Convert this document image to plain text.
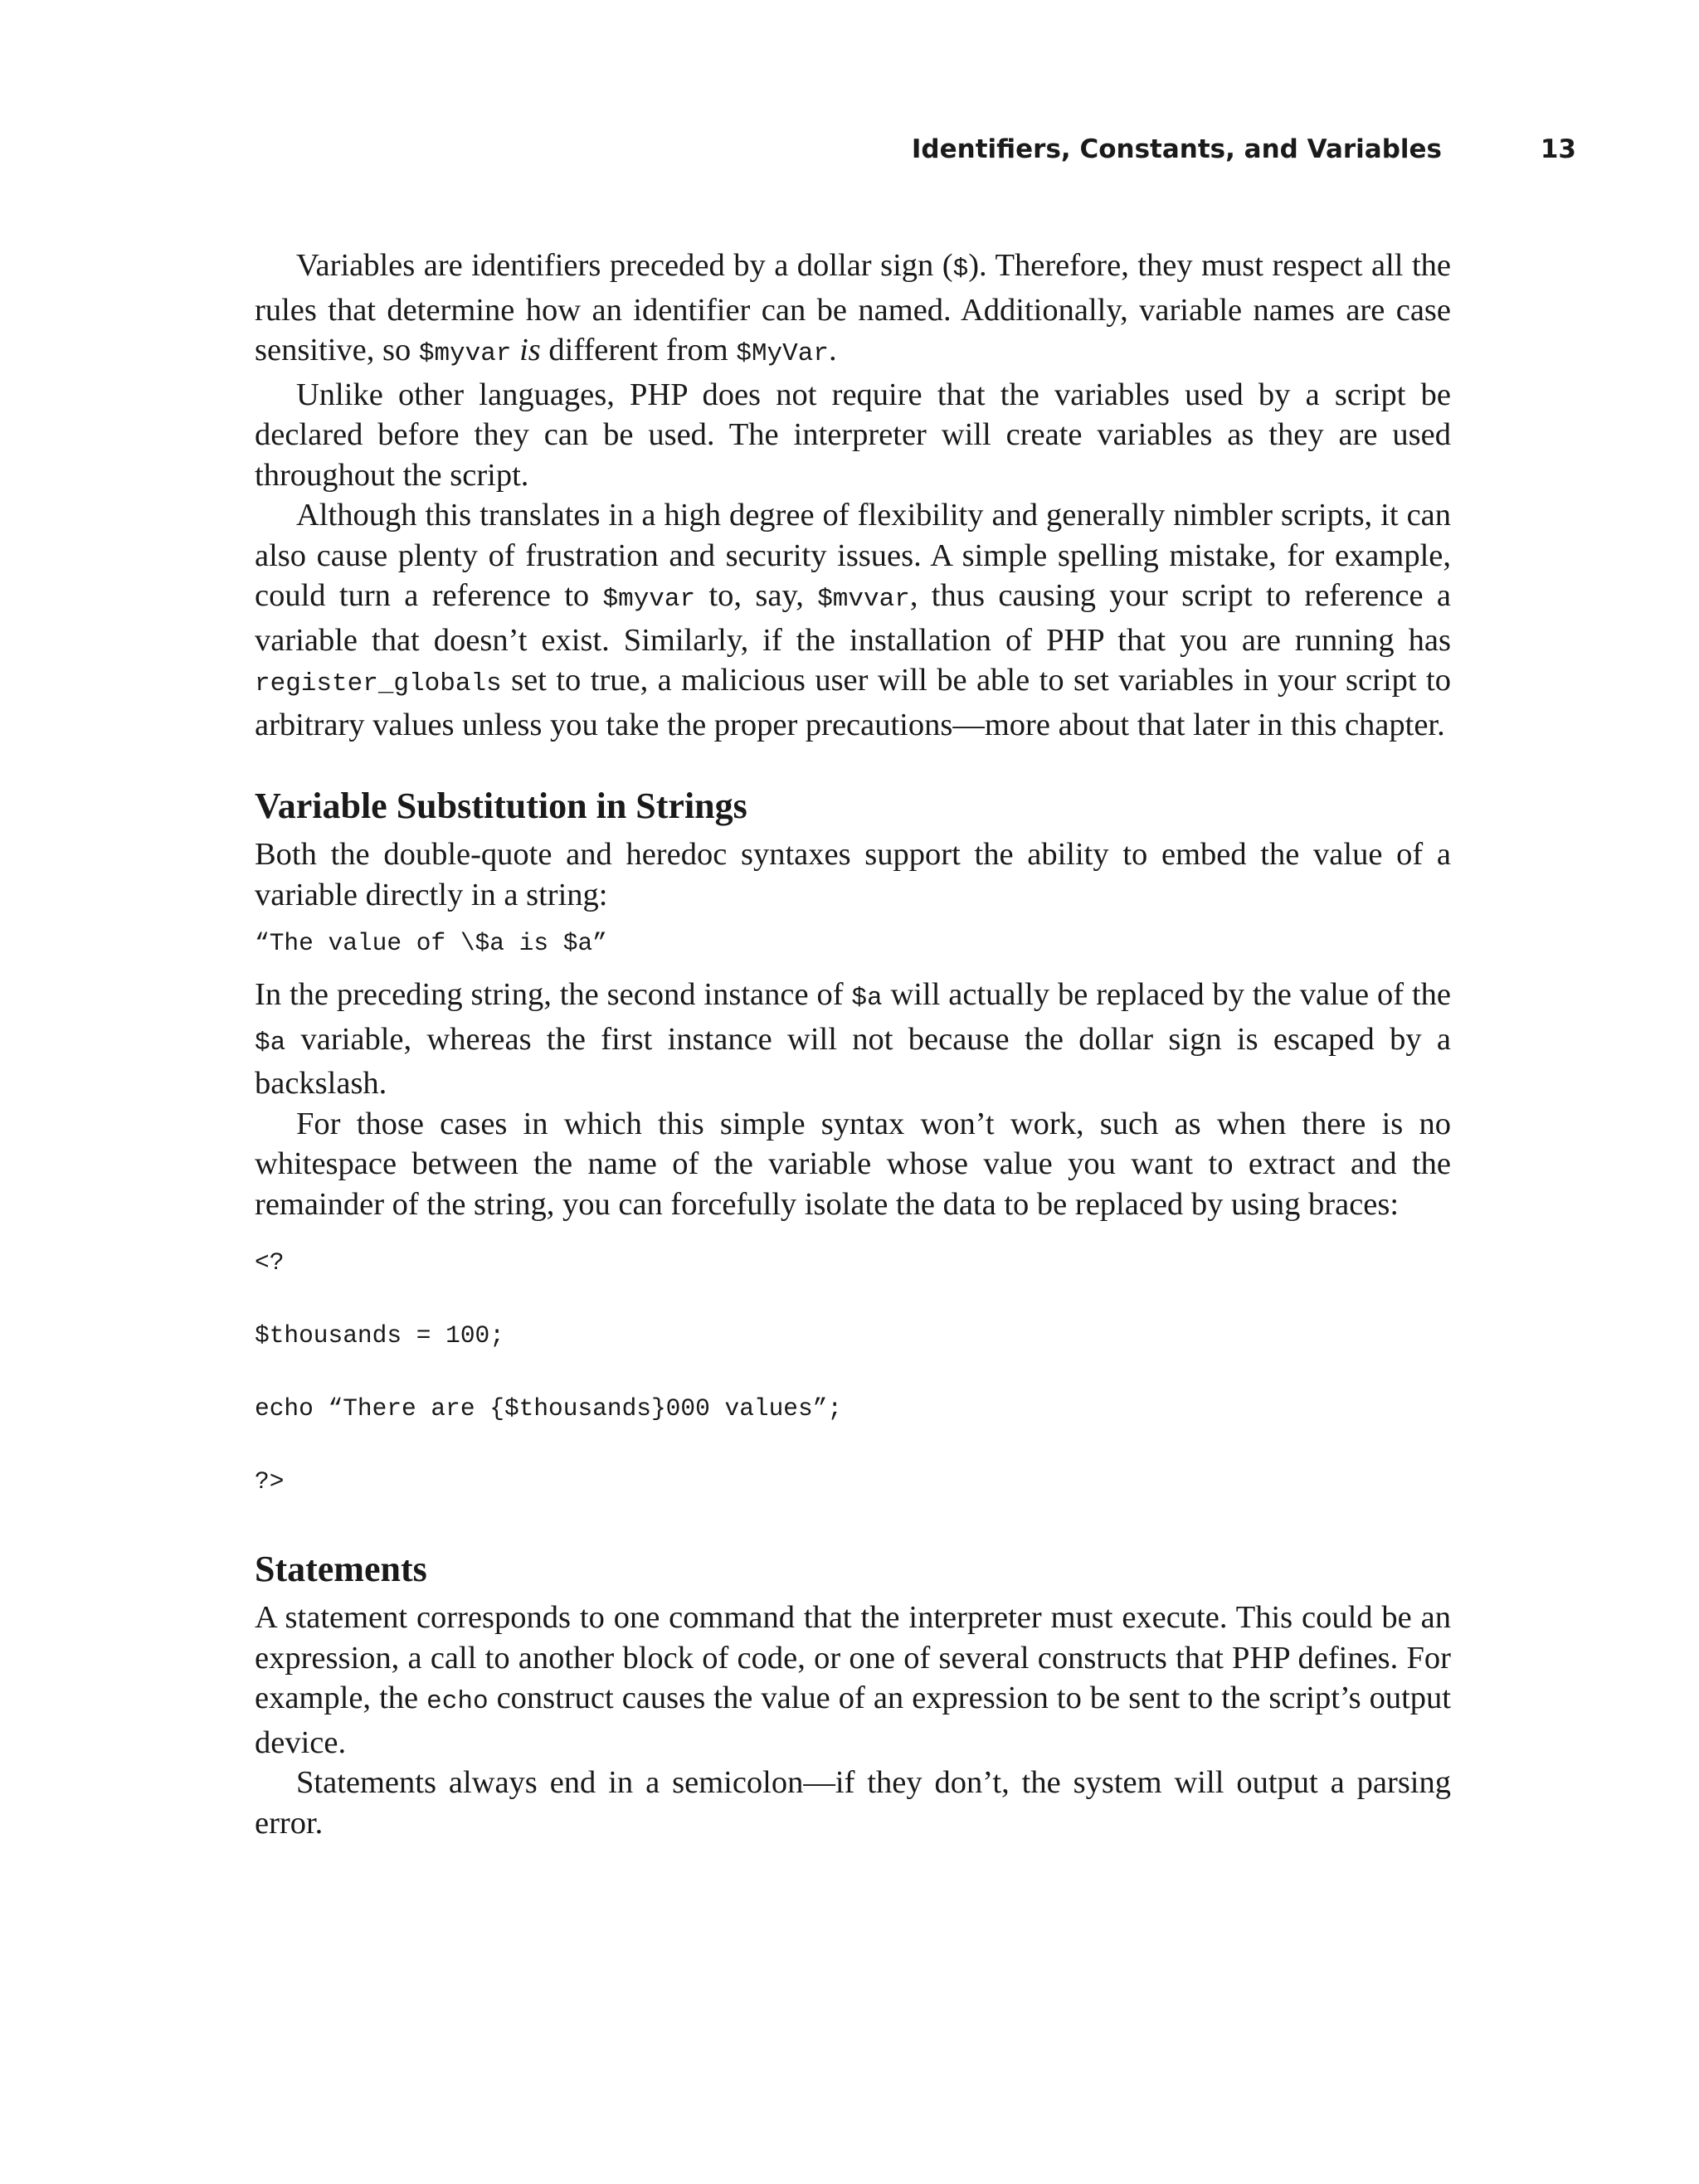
Identifiers, Constants, and Variables	13

Variables are identifiers preceded by a dollar sign ($). Therefore, they must respect all the rules that determine how an identifier can be named. Additionally, variable names are case sensitive, so $myvar is different from $MyVar.

Unlike other languages, PHP does not require that the variables used by a script be declared before they can be used. The interpreter will create variables as they are used throughout the script.

Although this translates in a high degree of flexibility and generally nimbler scripts, it can also cause plenty of frustration and security issues. A simple spelling mistake, for example, could turn a reference to $myvar to, say, $mvvar, thus causing your script to reference a variable that doesn’t exist. Similarly, if the installation of PHP that you are running has register_globals set to true, a malicious user will be able to set variables in your script to arbitrary values unless you take the proper precautions—more about that later in this chapter.

Variable Substitution in Strings

Both the double-quote and heredoc syntaxes support the ability to embed the value of a variable directly in a string:

“The value of \$a is $a”

In the preceding string, the second instance of $a will actually be replaced by the value of the $a variable, whereas the first instance will not because the dollar sign is escaped by a backslash.

For those cases in which this simple syntax won’t work, such as when there is no whitespace between the name of the variable whose value you want to extract and the remainder of the string, you can forcefully isolate the data to be replaced by using braces:

<?
$thousands = 100;
echo “There are {$thousands}000 values”;
?>
Statements

A statement corresponds to one command that the interpreter must execute. This could be an expression, a call to another block of code, or one of several constructs that PHP defines. For example, the echo construct causes the value of an expression to be sent to the script’s output device.

Statements always end in a semicolon—if they don’t, the system will output a parsing error.
